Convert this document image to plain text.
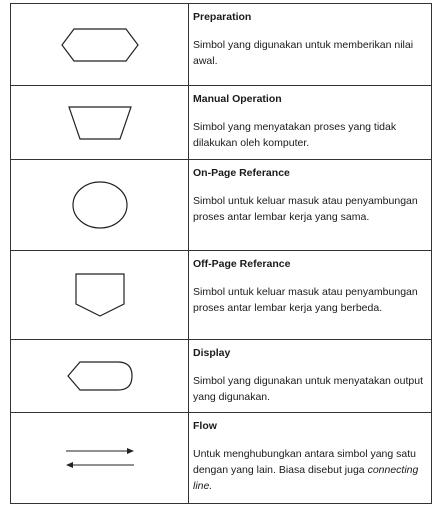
Preparation
Simbol yang digunakan untuk memberikan nilai awal.
Manual Operation
Simbol yang menyatakan proses yang tidak dilakukan oleh komputer.
On-Page Referance
Simbol untuk keluar masuk atau penyambungan proses antar lembar kerja yang sama.
Off-Page Referance
Simbol untuk keluar masuk atau penyambungan proses antar lembar kerja yang berbeda.
Display
Simbol yang digunakan untuk menyatakan output yang digunakan.
Flow
Untuk menghubungkan antara simbol yang satu dengan yang lain. Biasa disebut juga connecting line.
